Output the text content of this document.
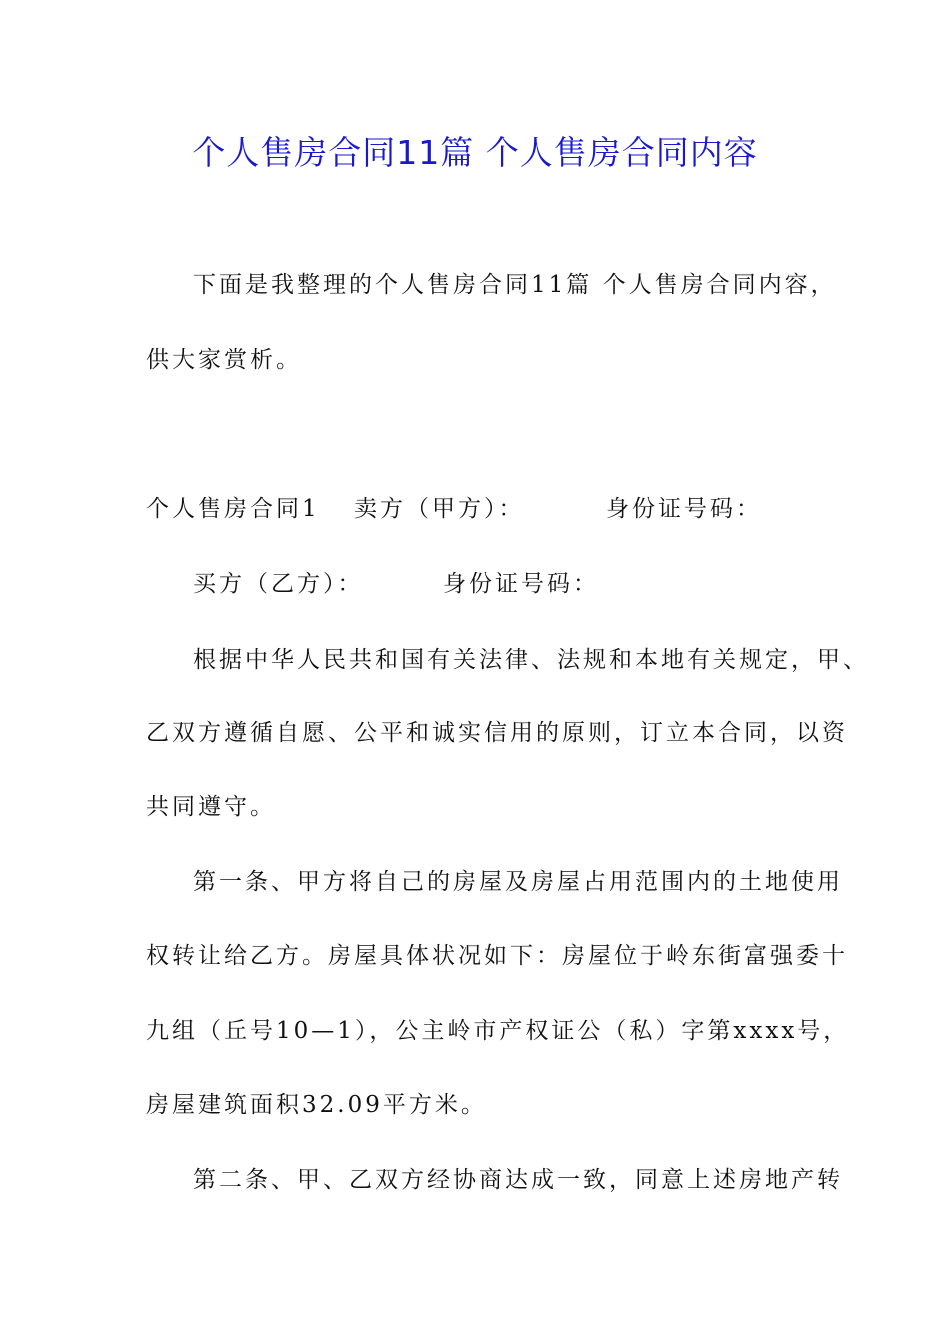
个人售房合同11篇 个人售房合同内容
下面是我整理的个人售房合同11篇 个人售房合同内容，
供大家赏析。
个人售房合同1 卖方（甲方）：	身份证号码：
买方（乙方）：	身份证号码：
根据中华人民共和国有关法律、法规和本地有关规定，甲、
乙双方遵循自愿、公平和诚实信用的原则，订立本合同，以资
共同遵守。
第一条、甲方将自己的房屋及房屋占用范围内的土地使用
权转让给乙方。房屋具体状况如下：房屋位于岭东街富强委十
九组（丘号10—1），公主岭市产权证公（私）字第xxxx号，
房屋建筑面积32.09平方米。
第二条、甲、乙双方经协商达成一致，同意上述房地产转
